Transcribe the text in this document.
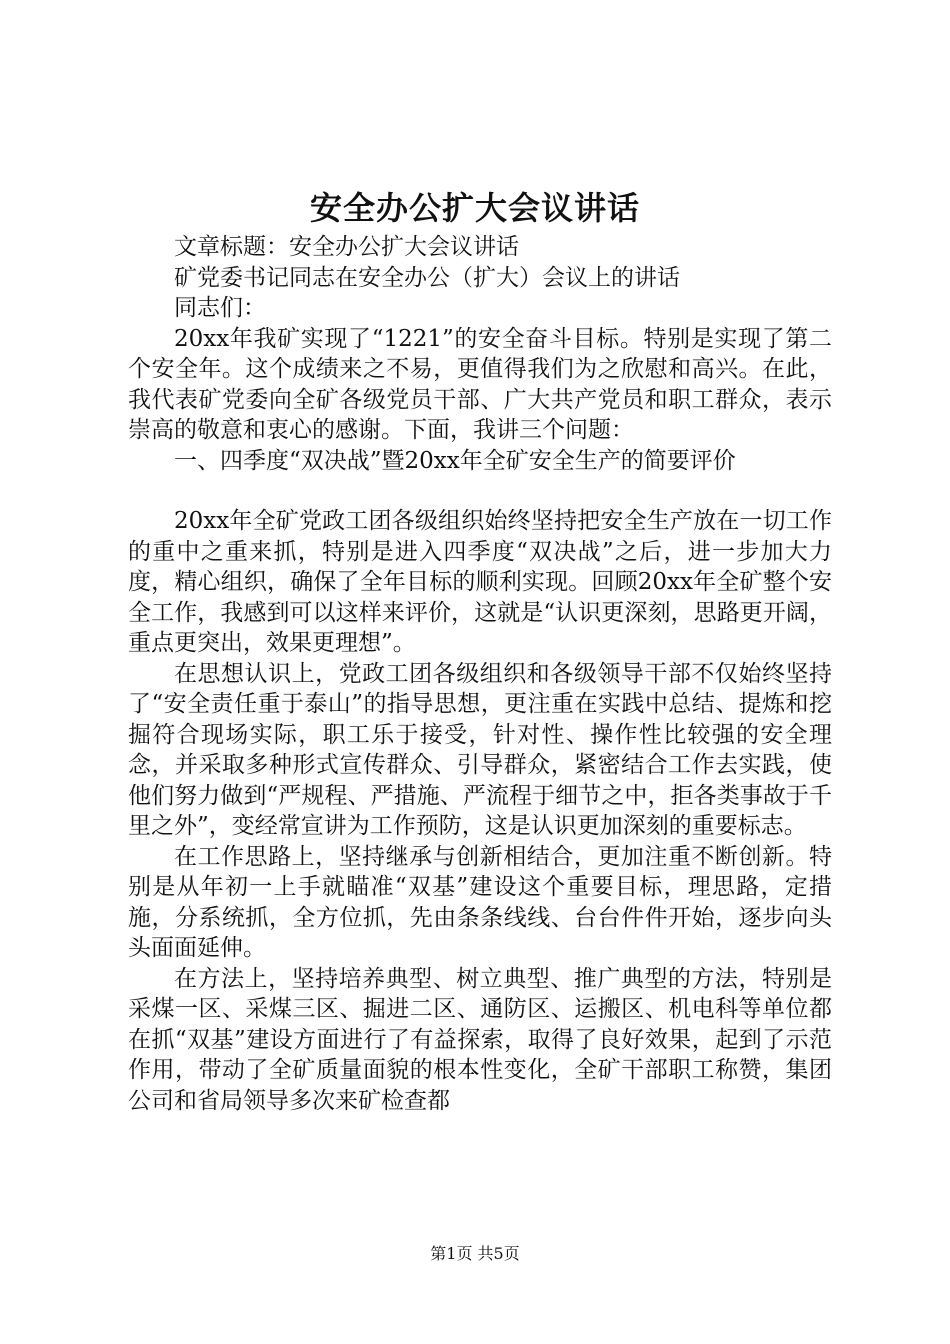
安全办公扩大会议讲话

文章标题：安全办公扩大会议讲话

矿党委书记同志在安全办公（扩大）会议上的讲话

同志们：

20xx年我矿实现了“1221”的安全奋斗目标。特别是实现了第二个安全年。这个成绩来之不易，更值得我们为之欣慰和高兴。在此，我代表矿党委向全矿各级党员干部、广大共产党员和职工群众，表示崇高的敬意和衷心的感谢。下面，我讲三个问题：

一、四季度“双决战”暨20xx年全矿安全生产的简要评价

20xx年全矿党政工团各级组织始终坚持把安全生产放在一切工作的重中之重来抓，特别是进入四季度“双决战”之后，进一步加大力度，精心组织，确保了全年目标的顺利实现。回顾20xx年全矿整个安全工作，我感到可以这样来评价，这就是“认识更深刻，思路更开阔，重点更突出，效果更理想”。

在思想认识上，党政工团各级组织和各级领导干部不仅始终坚持了“安全责任重于泰山”的指导思想，更注重在实践中总结、提炼和挖掘符合现场实际，职工乐于接受，针对性、操作性比较强的安全理念，并采取多种形式宣传群众、引导群众，紧密结合工作去实践，使他们努力做到“严规程、严措施、严流程于细节之中，拒各类事故于千里之外”，变经常宣讲为工作预防，这是认识更加深刻的重要标志。

在工作思路上，坚持继承与创新相结合，更加注重不断创新。特别是从年初一上手就瞄准“双基”建设这个重要目标，理思路，定措施，分系统抓，全方位抓，先由条条线线、台台件件开始，逐步向头头面面延伸。

在方法上，坚持培养典型、树立典型、推广典型的方法，特别是采煤一区、采煤三区、掘进二区、通防区、运搬区、机电科等单位都在抓“双基”建设方面进行了有益探索，取得了良好效果，起到了示范作用，带动了全矿质量面貌的根本性变化，全矿干部职工称赞，集团公司和省局领导多次来矿检查都

第1页 共5页
